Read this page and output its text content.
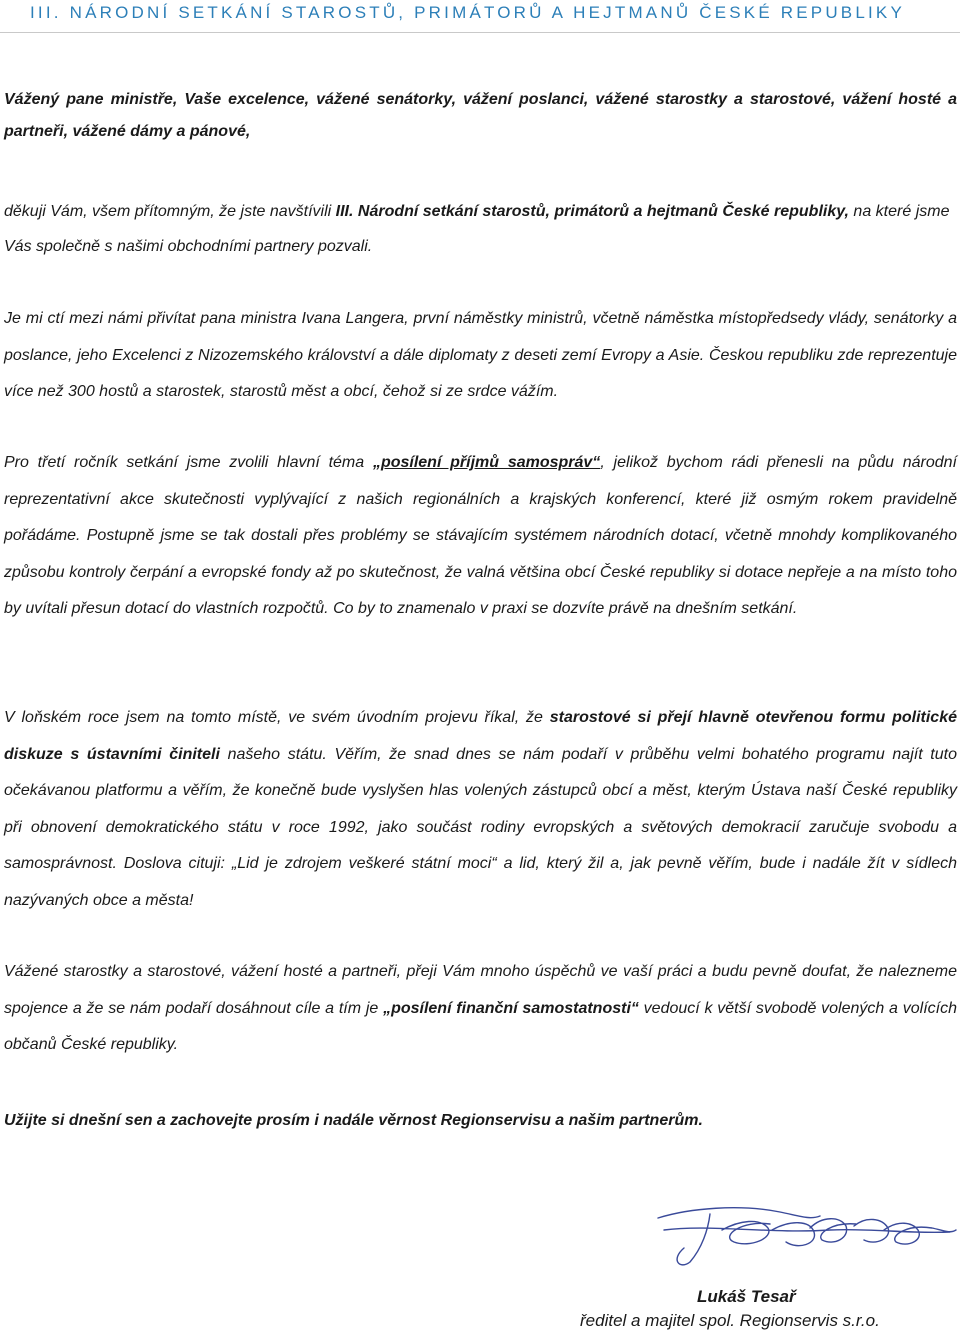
III. NÁRODNÍ SETKÁNÍ STAROSTŮ, PRIMÁTORŮ A HEJTMANŮ ČESKÉ REPUBLIKY

Vážený pane ministře, Vaše excelence, vážené senátorky, vážení poslanci, vážené starostky a starostové, vážení hosté a partneři, vážené dámy a pánové,

děkuji Vám, všem přítomným, že jste navštívili III. Národní setkání starostů, primátorů a hejtmanů České republiky, na které jsme Vás společně s našimi obchodními partnery pozvali.

Je mi ctí mezi námi přivítat pana ministra Ivana Langera, první náměstky ministrů, včetně náměstka místopředsedy vlády, senátorky a poslance, jeho Excelenci z Nizozemského království a dále diplomaty z deseti zemí Evropy a Asie. Českou republiku zde reprezentuje více než 300 hostů a starostek, starostů měst a obcí, čehož si ze srdce vážím.

Pro třetí ročník setkání jsme zvolili hlavní téma „posílení příjmů samospráv“, jelikož bychom rádi přenesli na půdu národní reprezentativní akce skutečnosti vyplývající z našich regionálních a krajských konferencí, které již osmým rokem pravidelně pořádáme. Postupně jsme se tak dostali přes problémy se stávajícím systémem národních dotací, včetně mnohdy komplikovaného způsobu kontroly čerpání a evropské fondy až po skutečnost, že valná většina obcí České republiky si dotace nepřeje a na místo toho by uvítali přesun dotací do vlastních rozpočtů. Co by to znamenalo v praxi se dozvíte právě na dnešním setkání.

V loňském roce jsem na tomto místě, ve svém úvodním projevu říkal, že starostové si přejí hlavně otevřenou formu politické diskuze s ústavními činiteli našeho státu. Věřím, že snad dnes se nám podaří v průběhu velmi bohatého programu najít tuto očekávanou platformu a věřím, že konečně bude vyslyšen hlas volených zástupců obcí a měst, kterým Ústava naší České republiky při obnovení demokratického státu v roce 1992, jako součást rodiny evropských a světových demokracií zaručuje svobodu a samosprávnost. Doslova cituji: „Lid je zdrojem veškeré státní moci“ a lid, který žil a, jak pevně věřím, bude i nadále žít v sídlech nazývaných obce a města!

Vážené starostky a starostové, vážení hosté a partneři, přeji Vám mnoho úspěchů ve vaší práci a budu pevně doufat, že nalezneme spojence a že se nám podaří dosáhnout cíle a tím je „posílení finanční samostatnosti“ vedoucí k větší svobodě volených a volících občanů České republiky.

Užijte si dnešní sen a zachovejte prosím i nadále věrnost Regionservisu a našim partnerům.

Lukáš Tesař
ředitel a majitel spol. Regionservis s.r.o.
